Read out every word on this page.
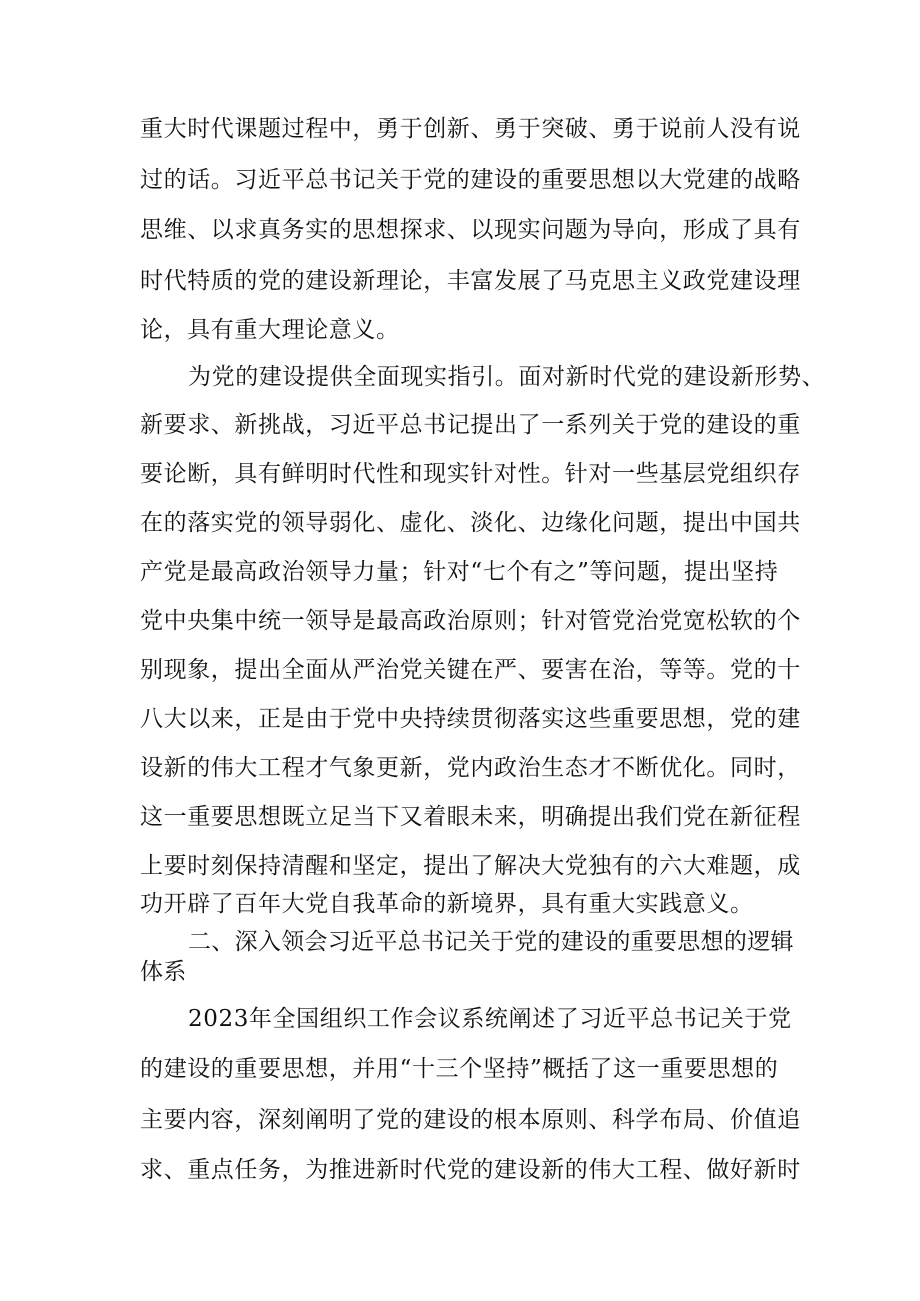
重大时代课题过程中，勇于创新、勇于突破、勇于说前人没有说

过的话。习近平总书记关于党的建设的重要思想以大党建的战略

思维、以求真务实的思想探求、以现实问题为导向，形成了具有

时代特质的党的建设新理论，丰富发展了马克思主义政党建设理

论，具有重大理论意义。

为党的建设提供全面现实指引。面对新时代党的建设新形势、

新要求、新挑战，习近平总书记提出了一系列关于党的建设的重

要论断，具有鲜明时代性和现实针对性。针对一些基层党组织存

在的落实党的领导弱化、虚化、淡化、边缘化问题，提出中国共

产党是最高政治领导力量；针对“七个有之”等问题，提出坚持

党中央集中统一领导是最高政治原则；针对管党治党宽松软的个

别现象，提出全面从严治党关键在严、要害在治，等等。党的十

八大以来，正是由于党中央持续贯彻落实这些重要思想，党的建

设新的伟大工程才气象更新，党内政治生态才不断优化。同时，

这一重要思想既立足当下又着眼未来，明确提出我们党在新征程

上要时刻保持清醒和坚定，提出了解决大党独有的六大难题，成

功开辟了百年大党自我革命的新境界，具有重大实践意义。

二、深入领会习近平总书记关于党的建设的重要思想的逻辑

体系

2023年全国组织工作会议系统阐述了习近平总书记关于党

的建设的重要思想，并用“十三个坚持”概括了这一重要思想的

主要内容，深刻阐明了党的建设的根本原则、科学布局、价值追

求、重点任务，为推进新时代党的建设新的伟大工程、做好新时
